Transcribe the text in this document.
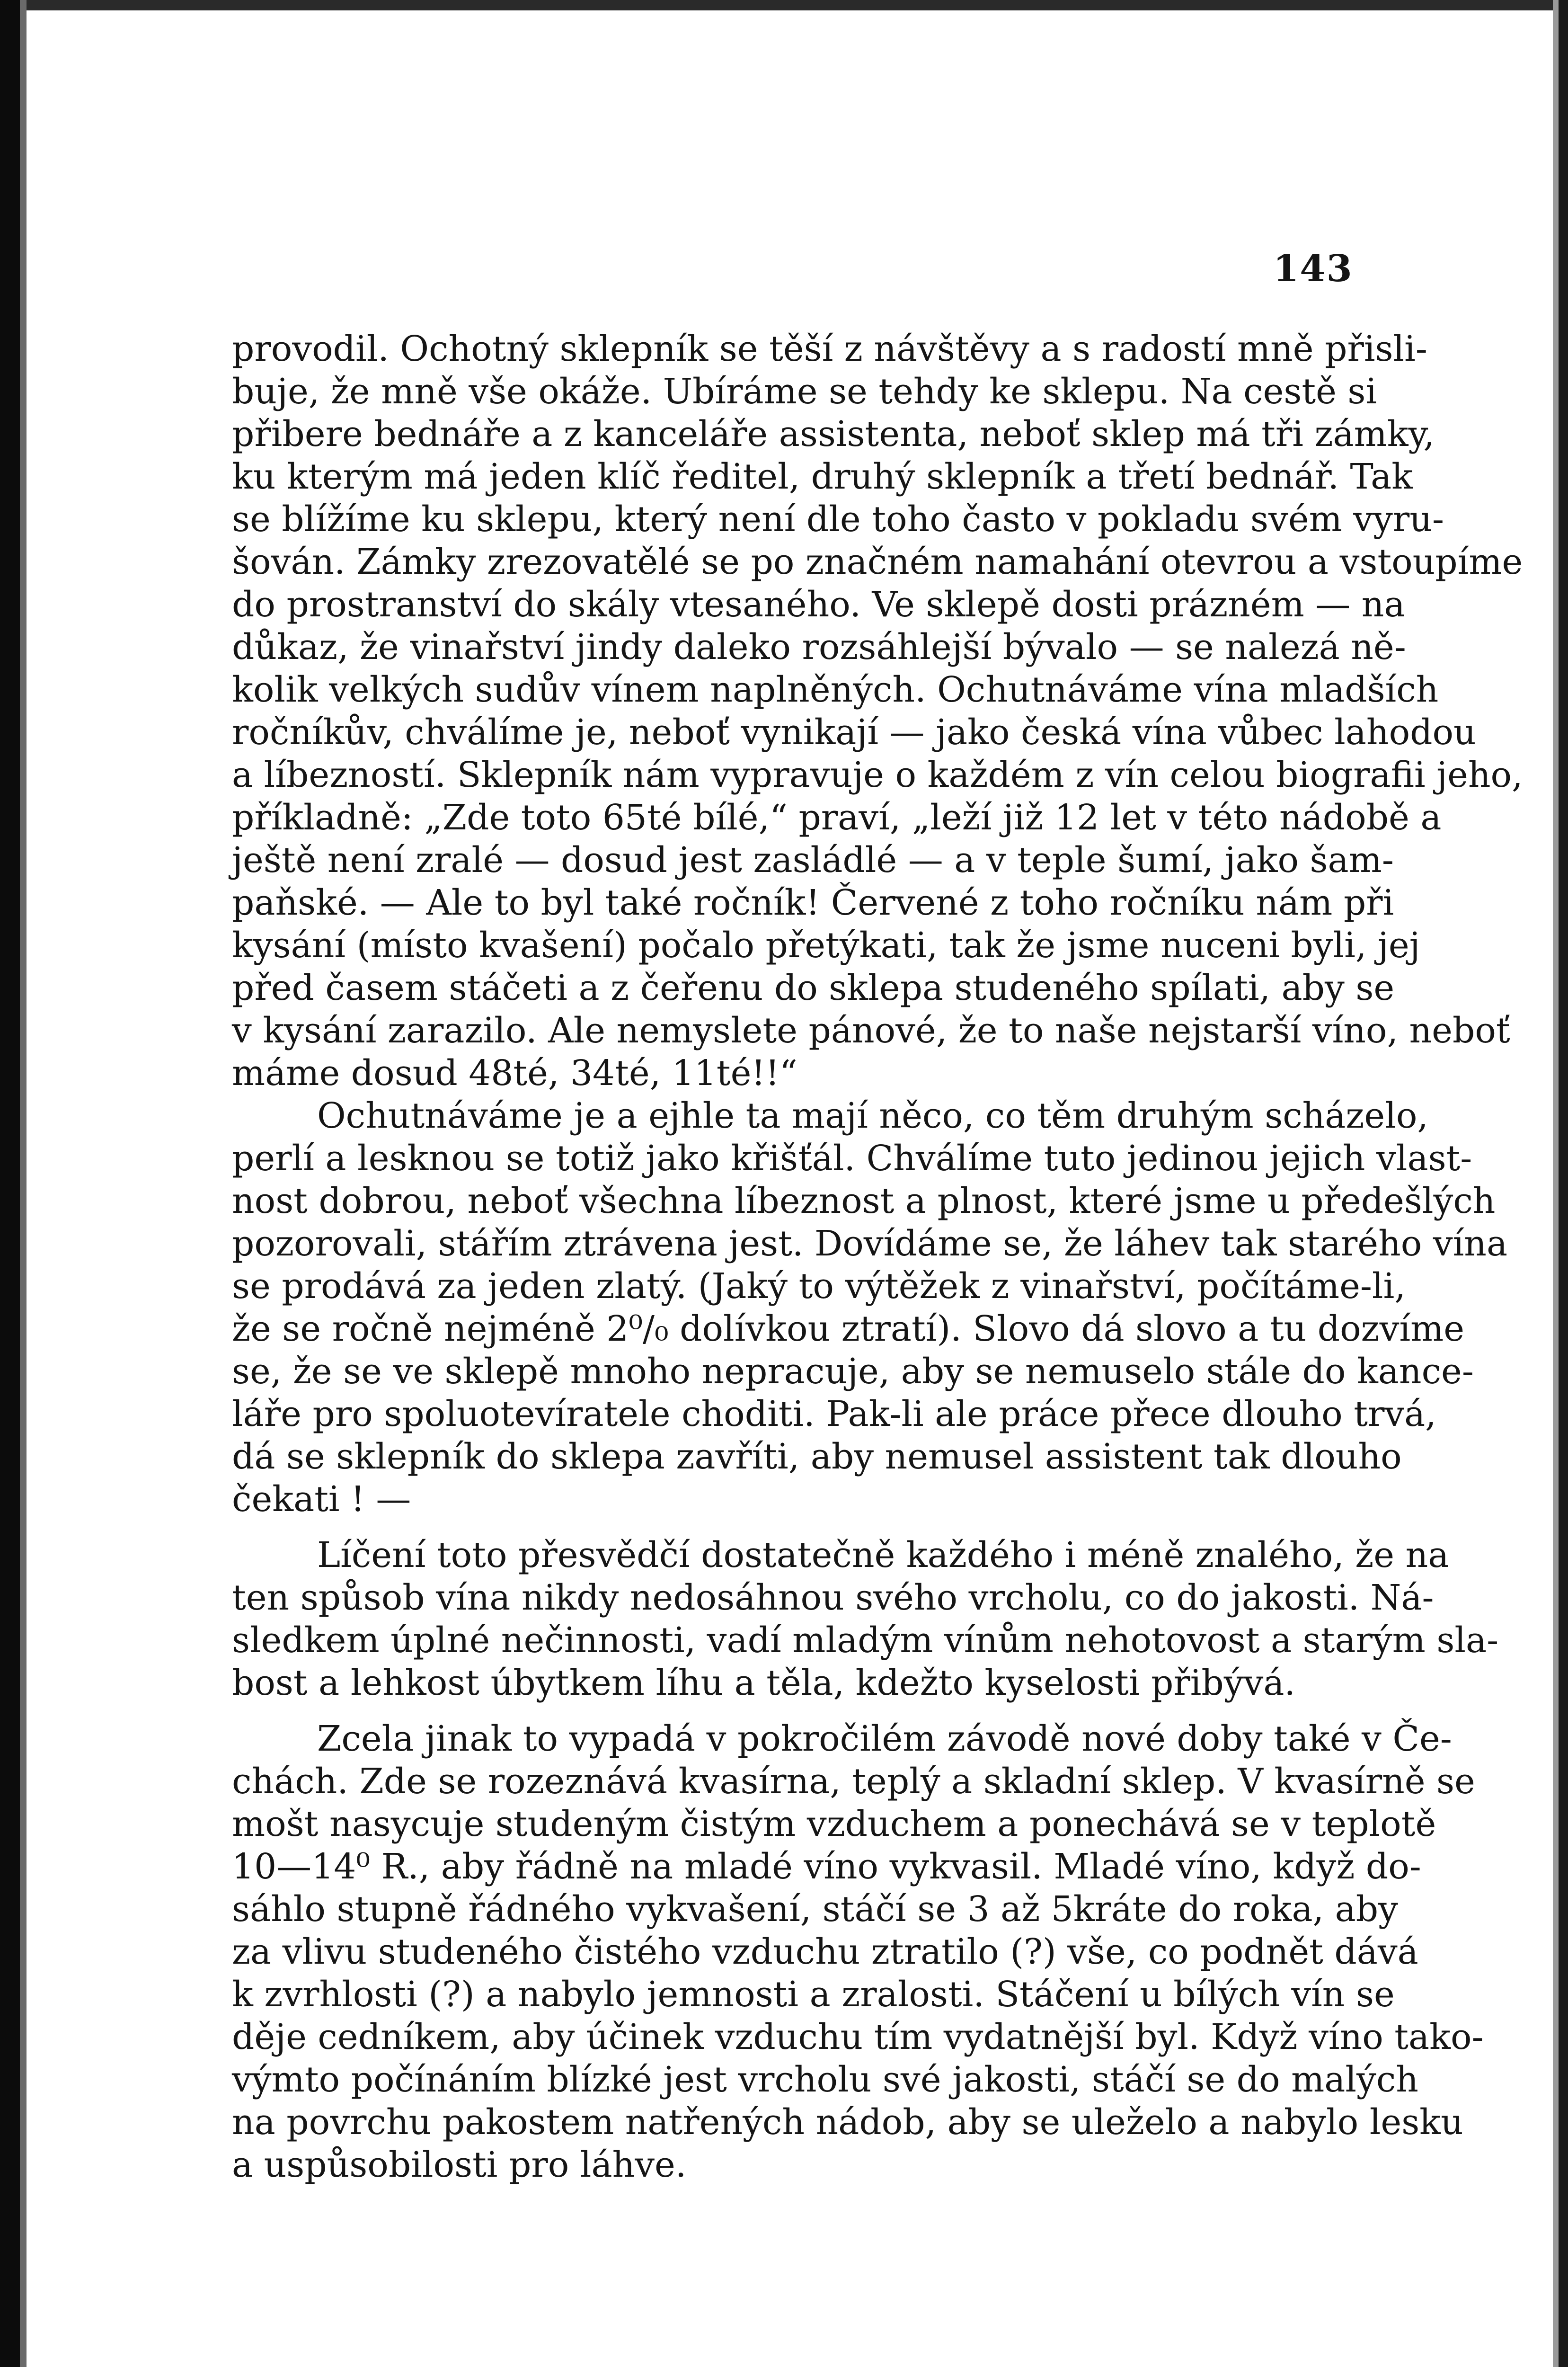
143
provodil. Ochotný sklepník se těší z návštěvy a s radostí mně přisli-
buje, že mně vše okáže. Ubíráme se tehdy ke sklepu. Na cestě si
přibere bednáře a z kanceláře assistenta, neboť sklep má tři zámky,
ku kterým má jeden klíč ředitel, druhý sklepník a třetí bednář. Tak
se blížíme ku sklepu, který není dle toho často v pokladu svém vyru-
šován. Zámky zrezovatělé se po značném namahání otevrou a vstoupíme
do prostranství do skály vtesaného. Ve sklepě dosti prázném — na
důkaz, že vinařství jindy daleko rozsáhlejší bývalo — se nalezá ně-
kolik velkých sudův vínem naplněných. Ochutnáváme vína mladších
ročníkův, chválíme je, neboť vynikají — jako česká vína vůbec lahodou
a líbezností. Sklepník nám vypravuje o každém z vín celou biografii jeho,
příkladně: „Zde toto 65té bílé,“ praví, „leží již 12 let v této nádobě a
ještě není zralé — dosud jest zasládlé — a v teple šumí, jako šam-
paňské. — Ale to byl také ročník! Červené z toho ročníku nám při
kysání (místo kvašení) počalo přetýkati, tak že jsme nuceni byli, jej
před časem stáčeti a z čeřenu do sklepa studeného spílati, aby se
v kysání zarazilo. Ale nemyslete pánové, že to naše nejstarší víno, neboť
máme dosud 48té, 34té, 11té!!“
Ochutnáváme je a ejhle ta mají něco, co těm druhým scházelo,
perlí a lesknou se totiž jako křišťál. Chválíme tuto jedinou jejich vlast-
nost dobrou, neboť všechna líbeznost a plnost, které jsme u předešlých
pozorovali, stářím ztrávena jest. Dovídáme se, že láhev tak starého vína
se prodává za jeden zlatý. (Jaký to výtěžek z vinařství, počítáme-li,
že se ročně nejméně 2⁰/₀ dolívkou ztratí). Slovo dá slovo a tu dozvíme
se, že se ve sklepě mnoho nepracuje, aby se nemuselo stále do kance-
láře pro spoluotevíratele choditi. Pak-li ale práce přece dlouho trvá,
dá se sklepník do sklepa zavříti, aby nemusel assistent tak dlouho
čekati ! —
Líčení toto přesvědčí dostatečně každého i méně znalého, že na
ten spůsob vína nikdy nedosáhnou svého vrcholu, co do jakosti. Ná-
sledkem úplné nečinnosti, vadí mladým vínům nehotovost a starým sla-
bost a lehkost úbytkem líhu a těla, kdežto kyselosti přibývá.
Zcela jinak to vypadá v pokročilém závodě nové doby také v Če-
chách. Zde se rozeznává kvasírna, teplý a skladní sklep. V kvasírně se
mošt nasycuje studeným čistým vzduchem a ponechává se v teplotě
10—14⁰ R., aby řádně na mladé víno vykvasil. Mladé víno, když do-
sáhlo stupně řádného vykvašení, stáčí se 3 až 5kráte do roka, aby
za vlivu studeného čistého vzduchu ztratilo (?) vše, co podnět dává
k zvrhlosti (?) a nabylo jemnosti a zralosti. Stáčení u bílých vín se
děje cedníkem, aby účinek vzduchu tím vydatnější byl. Když víno tako-
výmto počínáním blízké jest vrcholu své jakosti, stáčí se do malých
na povrchu pakostem natřených nádob, aby se uleželo a nabylo lesku
a uspůsobilosti pro láhve.
